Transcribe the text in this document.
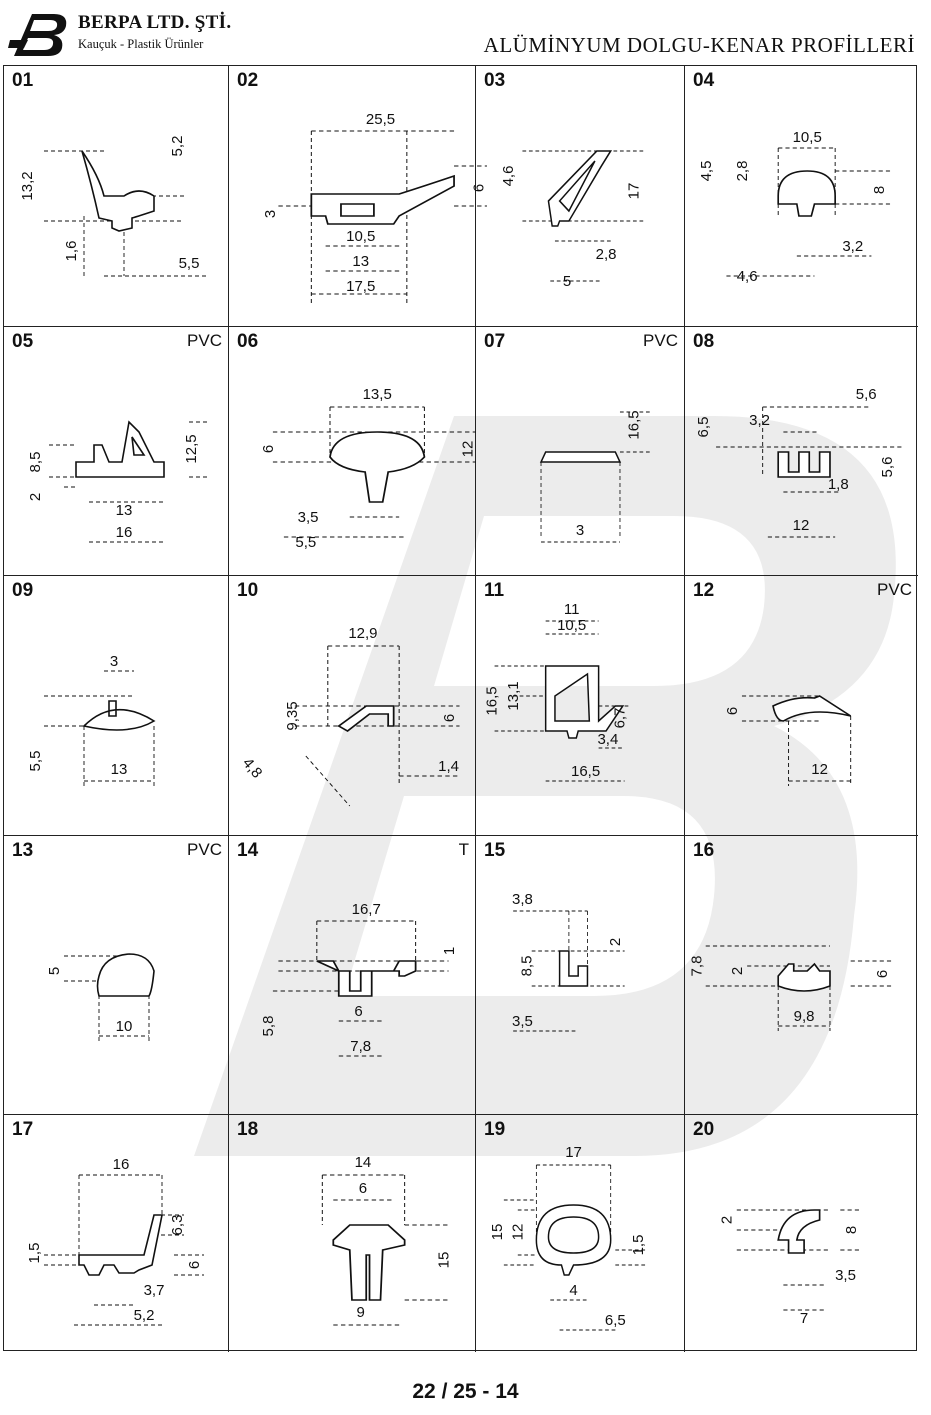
BERPA LTD. ŞTİ.
Kauçuk - Plastik Ürünler	ALÜMİNYUM DOLGU-KENAR PROFİLLERİ
13,2
5,2
1,6
5,5
01
25,5
6
3
10,5
13
17,5
02
4,6
17
2,8
5
03
10,5
4,5 2,8
8
3,2
4,6
04
8,5	12,5
2
13
16
05	PVC
13,5
6	12
3,5
5,5
06
3
16,5
07	PVC
5,6
6,5 3,2
5,6
1,8
12
08
3
5,5	13
09
12,9
9,35	6
4,8	1,4
10
11
10,5
16,5 13,1
6,7
3,4
16,5
11
6
12
12	PVC
5
10
13	PVC
16,7
1
5,8
6
7,8
14	T
3,8
2
8,5
3,5
15
7,8 2	6
9,8
16
16
1,5
6,3
6
3,7
5,2
17
14
6
15
9
18
17
15 12
1,5
4
6,5
19
2
8
3,5
7
20
22 / 25 - 14
